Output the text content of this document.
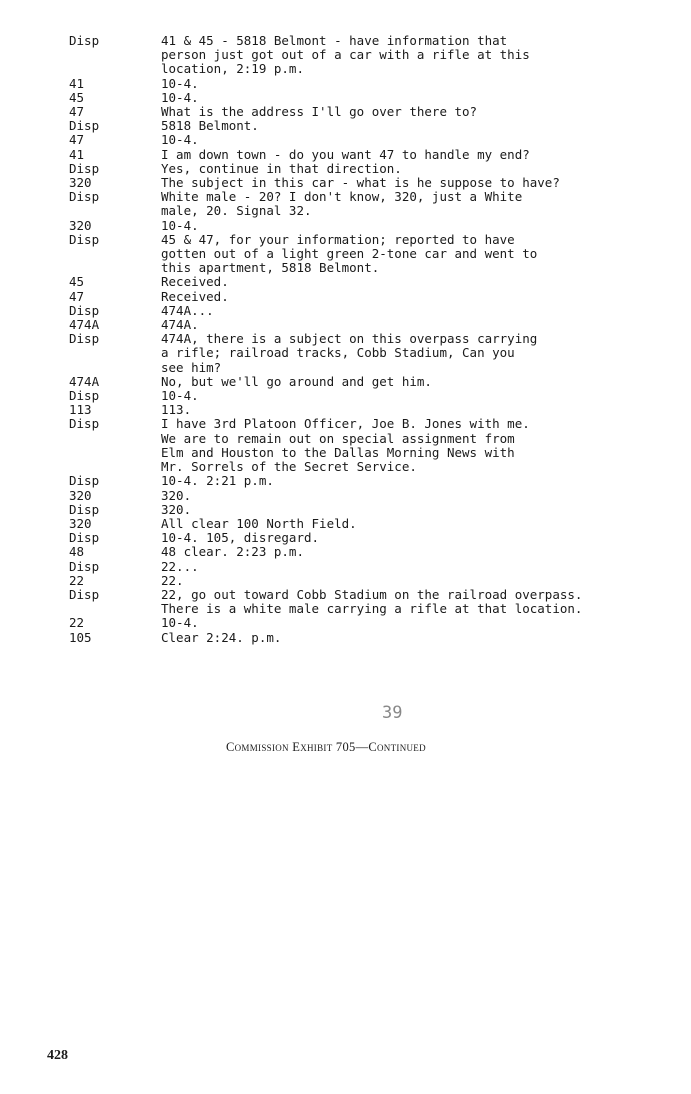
Disp	41 & 45 - 5818 Belmont - have information that
person just got out of a car with a rifle at this
location, 2:19 p.m.
41	10-4.
45	10-4.
47	What is the address I'll go over there to?
Disp	5818 Belmont.
47	10-4.
41	I am down town - do you want 47 to handle my end?
Disp	Yes, continue in that direction.
320	The subject in this car - what is he suppose to have?
Disp	White male - 20? I don't know, 320, just a White
male, 20. Signal 32.
320	10-4.
Disp	45 & 47, for your information; reported to have
gotten out of a light green 2-tone car and went to
this apartment, 5818 Belmont.
45	Received.
47	Received.
Disp	474A...
474A	474A.
Disp	474A, there is a subject on this overpass carrying
a rifle; railroad tracks, Cobb Stadium, Can you
see him?
474A	No, but we'll go around and get him.
Disp	10-4.
113	113.
Disp	I have 3rd Platoon Officer, Joe B. Jones with me.
We are to remain out on special assignment from
Elm and Houston to the Dallas Morning News with
Mr. Sorrels of the Secret Service.
Disp	10-4. 2:21 p.m.
320	320.
Disp	320.
320	All clear 100 North Field.
Disp	10-4. 105, disregard.
48	48 clear. 2:23 p.m.
Disp	22...
22	22.
Disp	22, go out toward Cobb Stadium on the railroad overpass.
There is a white male carrying a rifle at that location.
22	10-4.
105	Clear 2:24. p.m.
39
Commission Exhibit 705—Continued
428
